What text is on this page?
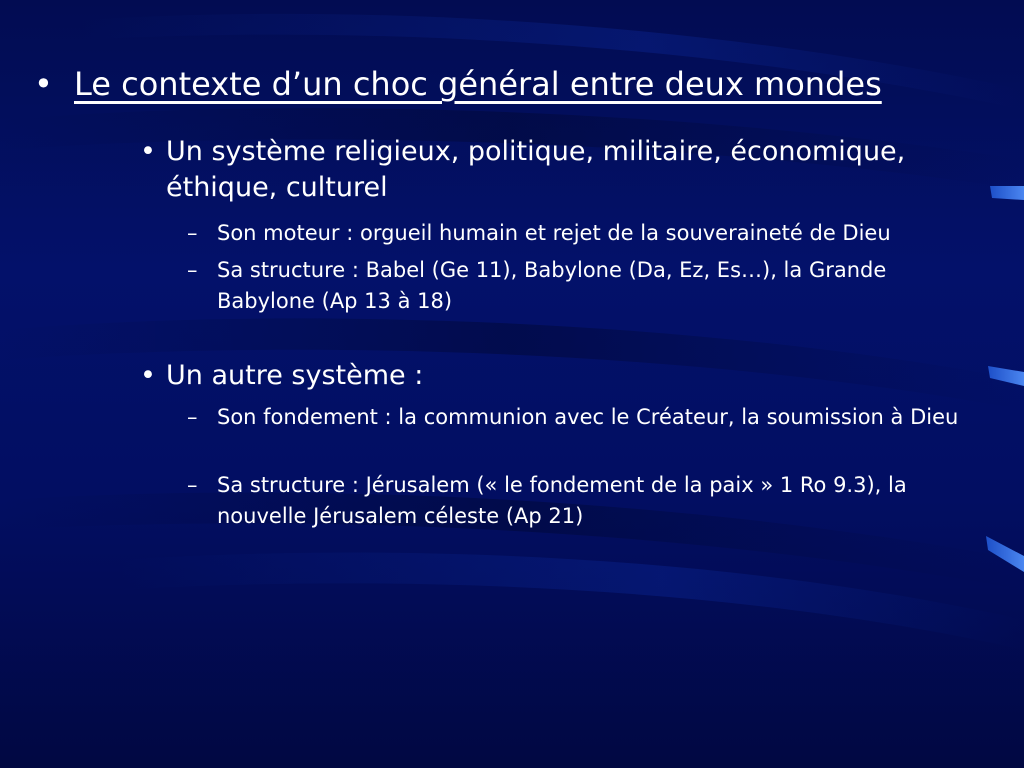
• Le contexte d’un choc général entre deux mondes
• Un système religieux, politique, militaire, économique, éthique, culturel
– Son moteur : orgueil humain et rejet de la souveraineté de Dieu
– Sa structure : Babel (Ge 11), Babylone (Da, Ez, Es…), la Grande Babylone (Ap 13 à 18)
• Un autre système :
– Son fondement : la communion avec le Créateur, la soumission à Dieu
– Sa structure : Jérusalem (« le fondement de la paix » 1 Ro 9.3), la nouvelle Jérusalem céleste (Ap 21)
